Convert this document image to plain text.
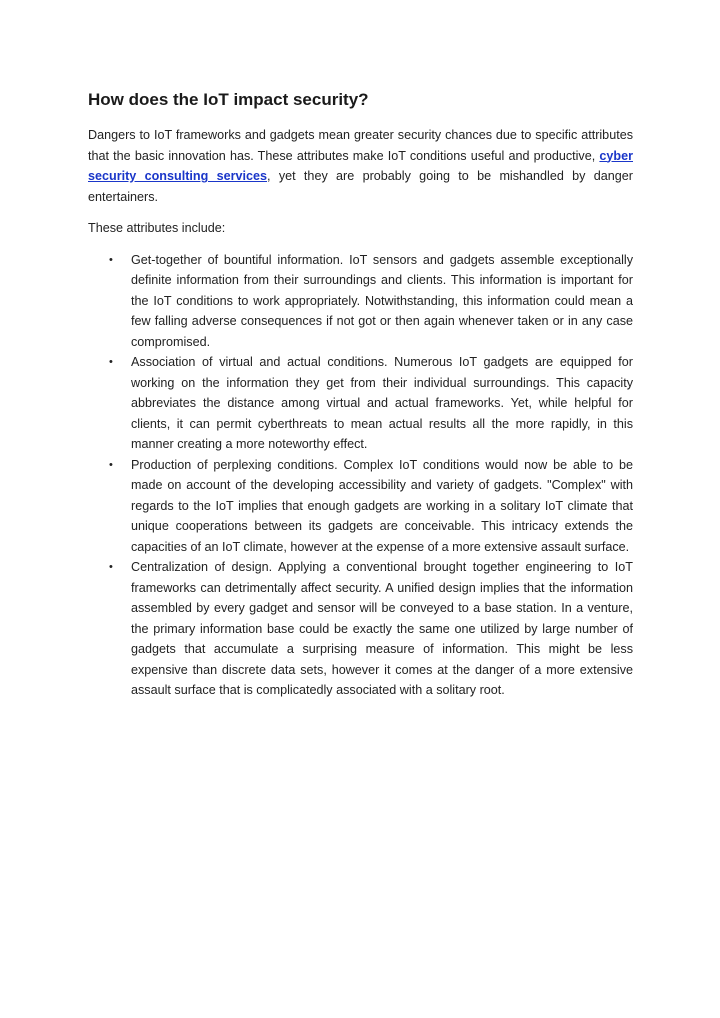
How does the IoT impact security?

Dangers to IoT frameworks and gadgets mean greater security chances due to specific attributes that the basic innovation has. These attributes make IoT conditions useful and productive, cyber security consulting services, yet they are probably going to be mishandled by danger entertainers.

These attributes include:

• Get-together of bountiful information. IoT sensors and gadgets assemble exceptionally definite information from their surroundings and clients. This information is important for the IoT conditions to work appropriately. Notwithstanding, this information could mean a few falling adverse consequences if not got or then again whenever taken or in any case compromised.
• Association of virtual and actual conditions. Numerous IoT gadgets are equipped for working on the information they get from their individual surroundings. This capacity abbreviates the distance among virtual and actual frameworks. Yet, while helpful for clients, it can permit cyberthreats to mean actual results all the more rapidly, in this manner creating a more noteworthy effect.
• Production of perplexing conditions. Complex IoT conditions would now be able to be made on account of the developing accessibility and variety of gadgets. "Complex" with regards to the IoT implies that enough gadgets are working in a solitary IoT climate that unique cooperations between its gadgets are conceivable. This intricacy extends the capacities of an IoT climate, however at the expense of a more extensive assault surface.
• Centralization of design. Applying a conventional brought together engineering to IoT frameworks can detrimentally affect security. A unified design implies that the information assembled by every gadget and sensor will be conveyed to a base station. In a venture, the primary information base could be exactly the same one utilized by large number of gadgets that accumulate a surprising measure of information. This might be less expensive than discrete data sets, however it comes at the danger of a more extensive assault surface that is complicatedly associated with a solitary root.
